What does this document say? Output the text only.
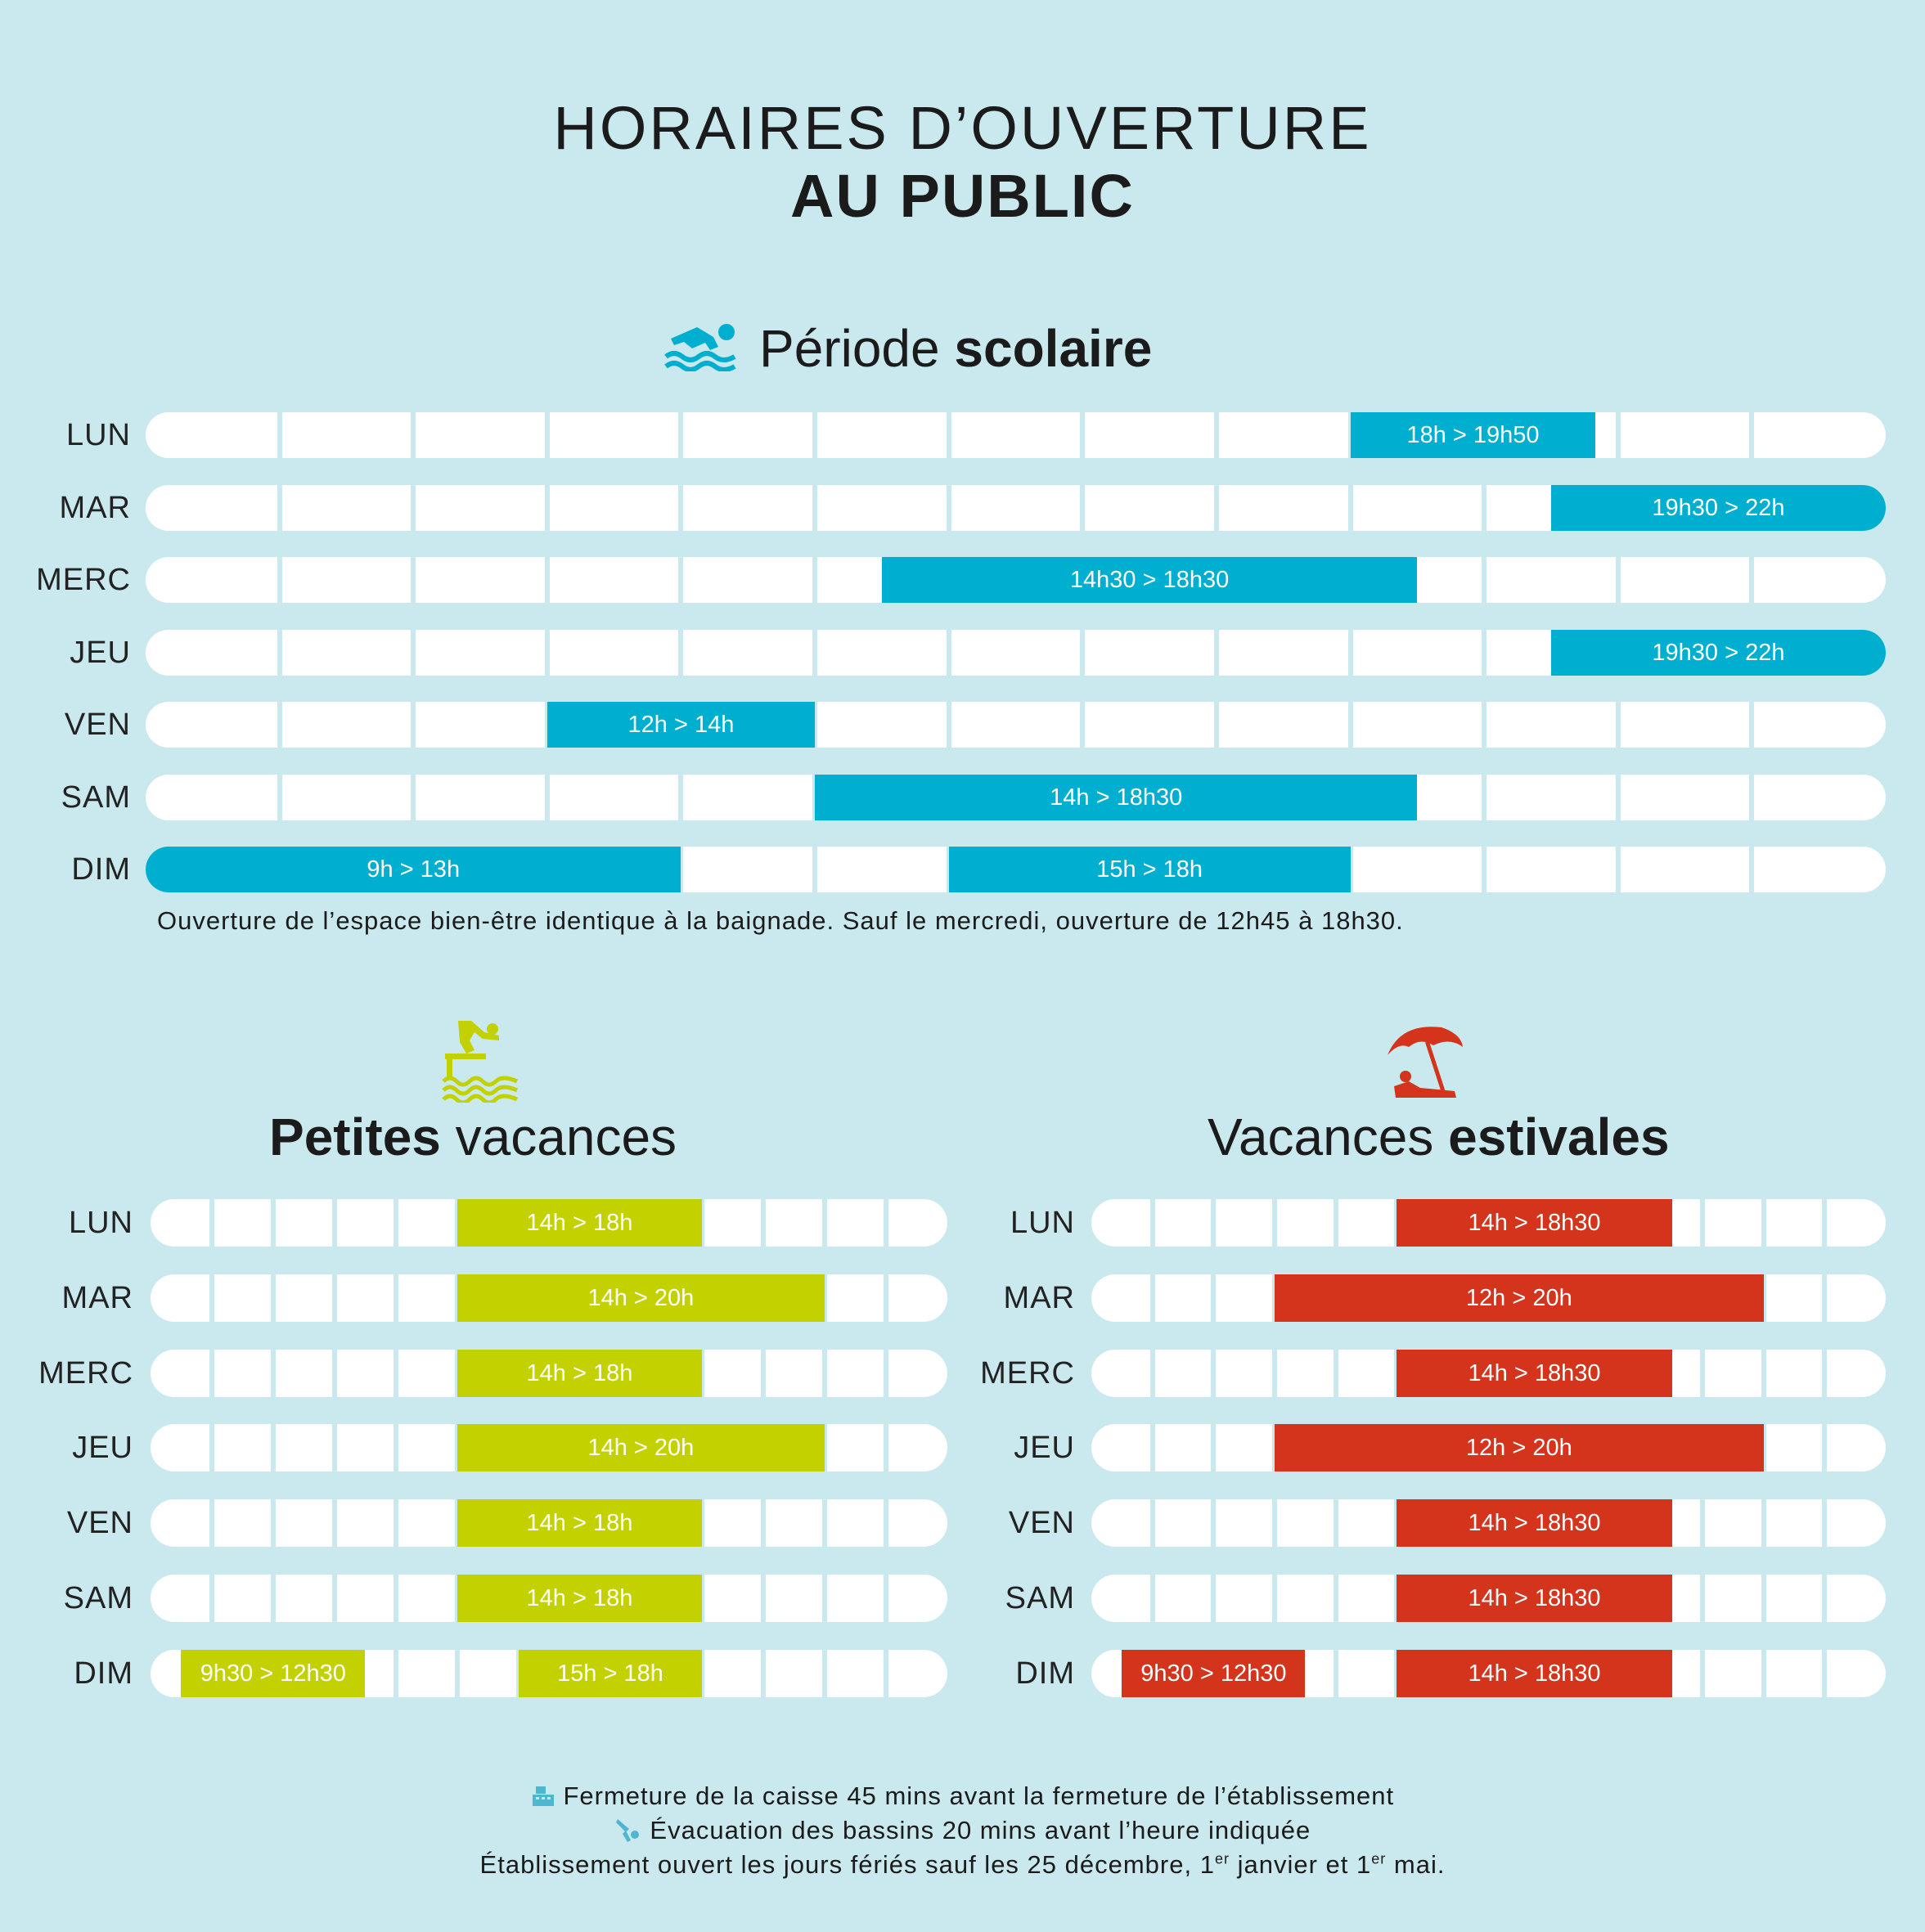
HORAIRES D’OUVERTURE
AU PUBLIC
Période scolaire
LUN	18h > 19h50
MAR	19h30 > 22h
MERC	14h30 > 18h30
JEU	19h30 > 22h
VEN	12h > 14h
SAM	14h > 18h30
DIM	9h > 13h	15h > 18h
Ouverture de l’espace bien-être identique à la baignade. Sauf le mercredi, ouverture de 12h45 à 18h30.
Petites vacances
LUN	14h > 18h
MAR	14h > 20h
MERC	14h > 18h
JEU	14h > 20h
VEN	14h > 18h
SAM	14h > 18h
DIM	9h30 > 12h30	15h > 18h
Vacances estivales
LUN	14h > 18h30
MAR	12h > 20h
MERC	14h > 18h30
JEU	12h > 20h
VEN	14h > 18h30
SAM	14h > 18h30
DIM	9h30 > 12h30	14h > 18h30
Fermeture de la caisse 45 mins avant la fermeture de l’établissement
Évacuation des bassins 20 mins avant l’heure indiquée
Établissement ouvert les jours fériés sauf les 25 décembre, 1er janvier et 1er mai.
